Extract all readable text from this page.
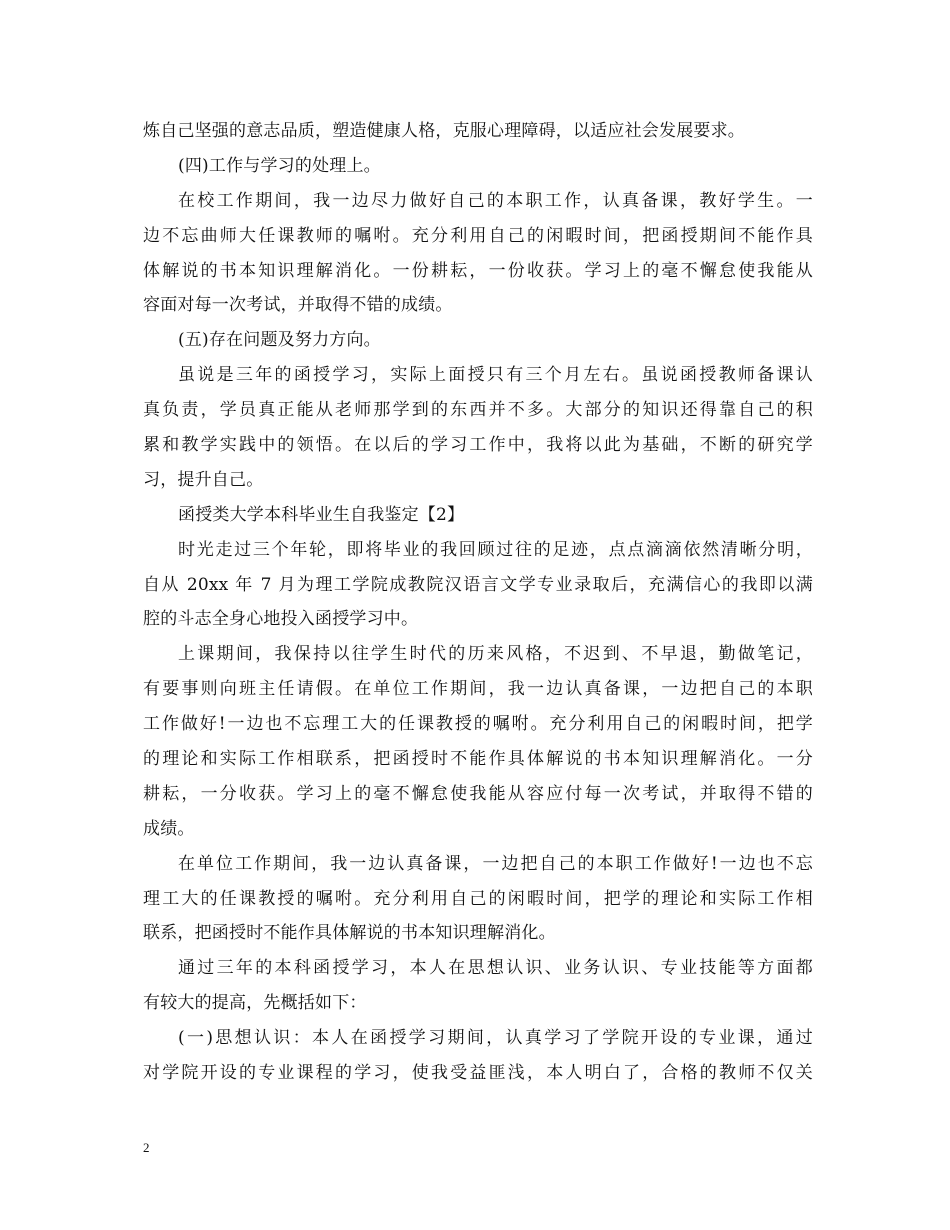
炼自己坚强的意志品质，塑造健康人格，克服心理障碍，以适应社会发展要求。
(四)工作与学习的处理上。
在校工作期间，我一边尽力做好自己的本职工作，认真备课，教好学生。一
边不忘曲师大任课教师的嘱咐。充分利用自己的闲暇时间，把函授期间不能作具
体解说的书本知识理解消化。一份耕耘，一份收获。学习上的毫不懈怠使我能从
容面对每一次考试，并取得不错的成绩。
(五)存在问题及努力方向。
虽说是三年的函授学习，实际上面授只有三个月左右。虽说函授教师备课认
真负责，学员真正能从老师那学到的东西并不多。大部分的知识还得靠自己的积
累和教学实践中的领悟。在以后的学习工作中，我将以此为基础，不断的研究学
习，提升自己。
函授类大学本科毕业生自我鉴定【2】
时光走过三个年轮，即将毕业的我回顾过往的足迹，点点滴滴依然清晰分明，
自从 20xx 年 7 月为理工学院成教院汉语言文学专业录取后，充满信心的我即以满
腔的斗志全身心地投入函授学习中。
上课期间，我保持以往学生时代的历来风格，不迟到、不早退，勤做笔记，
有要事则向班主任请假。在单位工作期间，我一边认真备课，一边把自己的本职
工作做好!一边也不忘理工大的任课教授的嘱咐。充分利用自己的闲暇时间，把学
的理论和实际工作相联系，把函授时不能作具体解说的书本知识理解消化。一分
耕耘，一分收获。学习上的毫不懈怠使我能从容应付每一次考试，并取得不错的
成绩。
在单位工作期间，我一边认真备课，一边把自己的本职工作做好!一边也不忘
理工大的任课教授的嘱咐。充分利用自己的闲暇时间，把学的理论和实际工作相
联系，把函授时不能作具体解说的书本知识理解消化。
通过三年的本科函授学习，本人在思想认识、业务认识、专业技能等方面都
有较大的提高，先概括如下：
(一)思想认识：本人在函授学习期间，认真学习了学院开设的专业课，通过
对学院开设的专业课程的学习，使我受益匪浅，本人明白了，合格的教师不仅关
2
